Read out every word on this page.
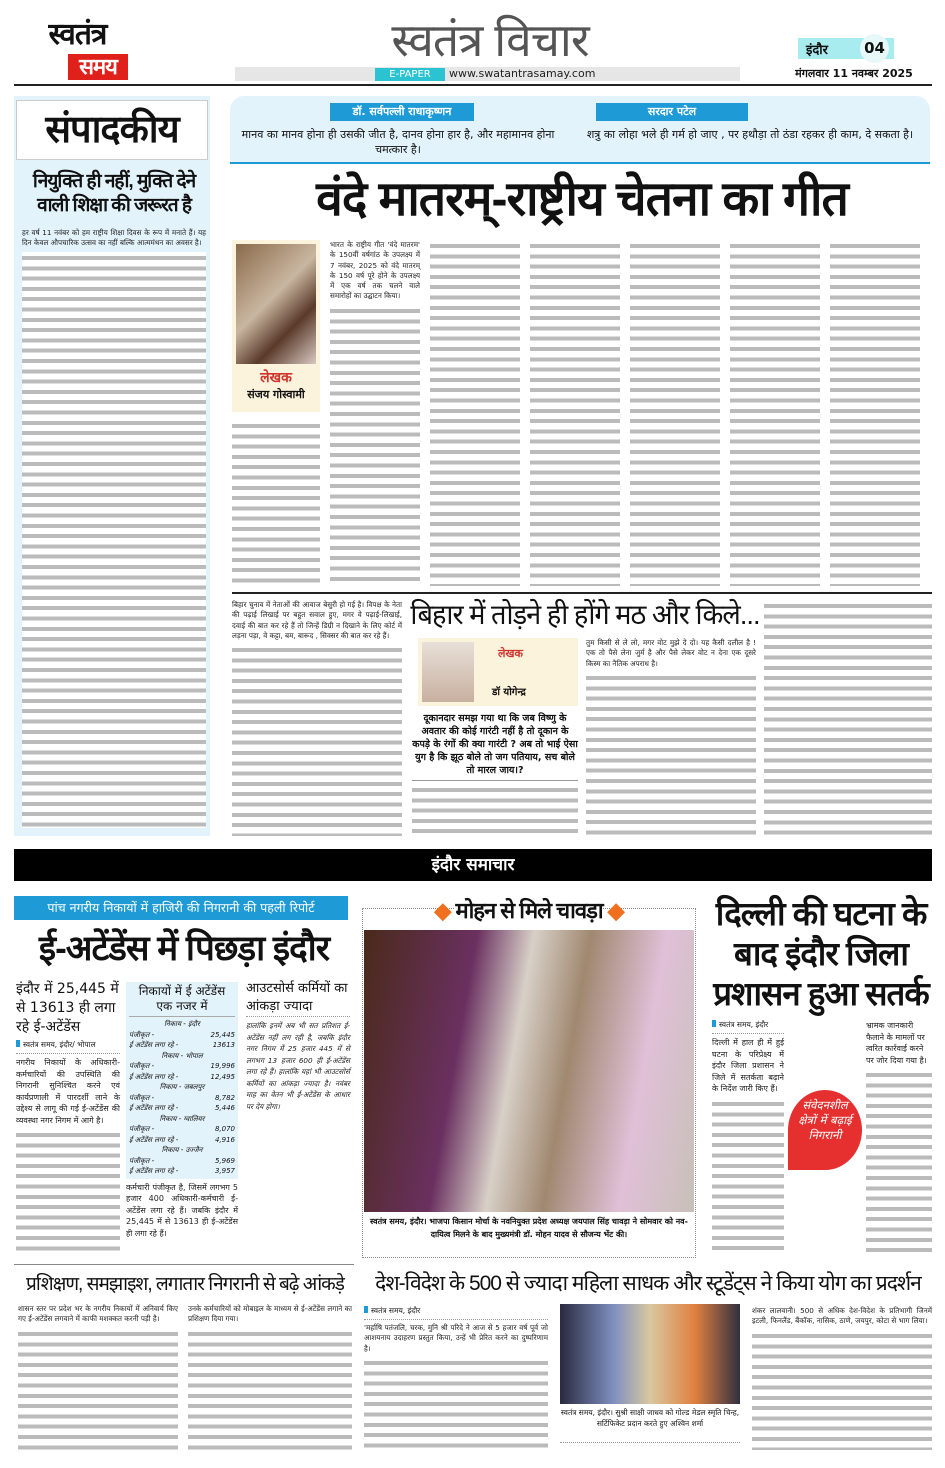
स्वतंत्र
समय
स्वतंत्र विचार
E-PAPER	www.swatantrasamay.com
इंदौर 04
मंगलवार 11 नवम्बर 2025
संपादकीय
नियुक्ति ही नहीं, मुक्ति देने वाली शिक्षा की जरूरत है
हर वर्ष 11 नवंबर को हम राष्ट्रीय शिक्षा दिवस के रूप में मनाते हैं। यह दिन केवल औपचारिक उत्सव का नहीं बल्कि आत्ममंथन का अवसर है।
डॉ. सर्वपल्ली राधाकृष्णन
मानव का मानव होना ही उसकी जीत है, दानव होना हार है, और महामानव होना चमत्कार है।
सरदार पटेल
शत्रु का लोहा भले ही गर्म हो जाए , पर हथौड़ा तो ठंडा रहकर ही काम, दे सकता है।
वंदे मातरम्-राष्ट्रीय चेतना का गीत
लेखक
संजय गोस्वामी
भारत के राष्ट्रीय गीत 'वंदे मातरम' के 150वीं वर्षगांठ के उपलक्ष्य में 7 नवंबर, 2025 को वंदे मातरम् के 150 वर्ष पूरे होने के उपलक्ष्य में एक वर्ष तक चलने वाले समारोहों का उद्घाटन किया।
बिहार चुनाव में नेताओं की आवाज बेसुरी हो गई है। विपक्ष के नेता की पढ़ाई लिखाई पर बहुत सवाल हुए, मगर वे पढ़ाई-लिखाई, दवाई की बात कर रहे हैं तो जिन्हें डिग्री न दिखाने के लिए कोर्ट में लड़ना पड़ा, वे कट्टा, बम, बारूद , सिक्सर की बात कर रहे हैं।
बिहार में तोड़ने ही होंगे मठ और किले...
लेखक
डॉ योगेन्द्र
दूकानदार समझ गया था कि जब विष्णु के अवतार की कोई गारंटी नहीं है तो दूकान के कपड़े के रंगों की क्या गारंटी ? अब तो भाई ऐसा युग है कि झूठ बोले तो जग पतियाय, सच बोले तो मारल जाय।?
तुम किसी से ले लो, मगर वोट मुझे दे दो। यह कैसी दलील है ! एक तो पैसे लेना जुर्म है और पैसे लेकर वोट न देना एक दूसरे किस्म का नैतिक अपराध है।
इंदौर समाचार
पांच नगरीय निकायों में हाजिरी की निगरानी की पहली रिपोर्ट
ई-अटेंडेंस में पिछड़ा इंदौर
इंदौर में 25,445 में से 13613 ही लगा रहे ई-अटेंडेंस
स्वतंत्र समय, इंदौर/ भोपाल
नगरीय निकायों के अधिकारी-कर्मचारियों की उपस्थिति की निगरानी सुनिश्चित करने एवं कार्यप्रणाली में पारदर्शी लाने के उद्देश्य से लागू की गई ई-अटेंडेंस की व्यवस्था नगर निगम में आगे है।
निकायों में ई अटेंडेंस एक नजर में
निकाय - इंदौर
पंजीकृत -	25,445
ई अटेंडेंस लगा रहे -	13613
निकाय - भोपाल
पंजीकृत -	19,996
ई अटेंडेंस लगा रहे -	12,495
निकाय - जबलपुर
पंजीकृत -	8,782
ई अटेंडेंस लगा रहे -	5,446
निकाय - ग्वालियर
पंजीकृत -	8,070
ई अटेंडेंस लगा रहे -	4,916
निकाय - उज्जैन
पंजीकृत -	5,969
ई अटेंडेंस लगा रहे -	3,957
कर्मचारी पंजीकृत है, जिसमें लगभग 5 हजार 400 अधिकारी-कर्मचारी ई-अटेंडेंस लगा रहे हैं। जबकि इंदौर में 25,445 में से 13613 ही ई-अटेंडेंस ही लगा रहे हैं।
आउटसोर्स कर्मियों का आंकड़ा ज्यादा
हालांकि इनमें अब भी सत प्रतिशत ई-अटेंडेंस नहीं लग रही है, जबकि इंदौर नगर निगम में 25 हजार 445 में से लगभग 13 हजार 600 ही ई-अटेंडेंस लगा रहे हैं। हालांकि यहां भी आउटसोर्स कर्मियों का आंकड़ा ज्यादा है। नवंबर माह का वेतन भी ई-अटेंडेंस के आधार पर देय होगा।
◆ मोहन से मिले चावड़ा ◆
स्वतंत्र समय, इंदौर। भाजपा किसान मोर्चा के नवनियुक्त प्रदेश अध्यक्ष जयपाल सिंह चावड़ा ने सोमवार को नव- दायित्व मिलने के बाद मुख्यमंत्री डॉ. मोहन यादव से सौजन्य भेंट की।
दिल्ली की घटना के बाद इंदौर जिला प्रशासन हुआ सतर्क
स्वतंत्र समय, इंदौर
दिल्ली में हाल ही में हुई घटना के परिप्रेक्ष्य में इंदौर जिला प्रशासन ने जिले में सतर्कता बढ़ाने के निर्देश जारी किए हैं।
भ्रामक जानकारी फैलाने के मामलों पर त्वरित कार्रवाई करने पर जोर दिया गया है।
संवेदनशील क्षेत्रों में बढ़ाई निगरानी
प्रशिक्षण, समझाइश, लगातार निगरानी से बढ़े आंकड़े
शासन स्तर पर प्रदेश भर के नगरीय निकायों में अनिवार्य किए गए ई-अटेंडेंस लगवाने में काफी मशक्कत करनी पड़ी है।
उनके कर्मचारियों को मोबाइल के माध्यम से ई-अटेंडेंस लगाने का प्रशिक्षण दिया गया।
देश-विदेश के 500 से ज्यादा महिला साधक और स्टूडेंट्स ने किया योग का प्रदर्शन
स्वतंत्र समय, इंदौर
'मर्हाषि पतंजलि, चरक, मुनि श्री परिदे ने आज से 5 हजार वर्ष पूर्व जो आशयनाय उदाहरण प्रस्तुत किया, उन्हें भी प्रेरित करने का दुष्परिणाम है।
स्वतंत्र समय, इंदौर। सुश्री साक्षी जाधव को गोल्ड मेडल स्मृति चिन्ह, सर्टिफिकेट प्रदान करते हुए अश्विन शर्मा
शंकर लालवानी। 500 से अधिक देश-विदेश के प्रतिभागी जिनमें इटली, फिनलैंड, बैंकॉक, नासिक, ठाणे, जयपुर, कोटा से भाग लिया।
